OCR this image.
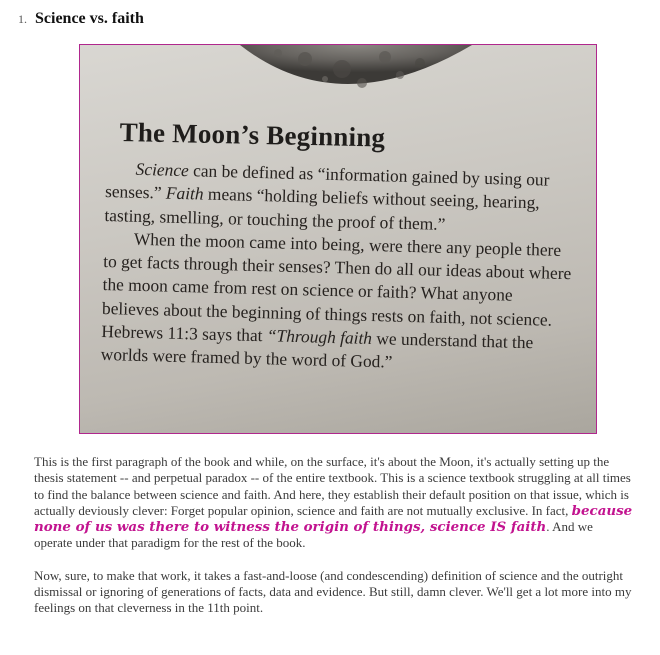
1. Science vs. faith
The Moon’s Beginning

Science can be defined as “information gained by using our senses.” Faith means “holding beliefs without seeing, hearing, tasting, smelling, or touching the proof of them.”

When the moon came into being, were there any people there to get facts through their senses? Then do all our ideas about where the moon came from rest on science or faith? What anyone believes about the beginning of things rests on faith, not science. Hebrews 11:3 says that “Through faith we understand that the worlds were framed by the word of God.”

This is the first paragraph of the book and while, on the surface, it's about the Moon, it's actually setting up the thesis statement -- and perpetual paradox -- of the entire textbook. This is a science textbook struggling at all times to find the balance between science and faith. And here, they establish their default position on that issue, which is actually deviously clever: Forget popular opinion, science and faith are not mutually exclusive. In fact, because none of us was there to witness the origin of things, science IS faith. And we operate under that paradigm for the rest of the book.

Now, sure, to make that work, it takes a fast-and-loose (and condescending) definition of science and the outright dismissal or ignoring of generations of facts, data and evidence. But still, damn clever. We'll get a lot more into my feelings on that cleverness in the 11th point.
